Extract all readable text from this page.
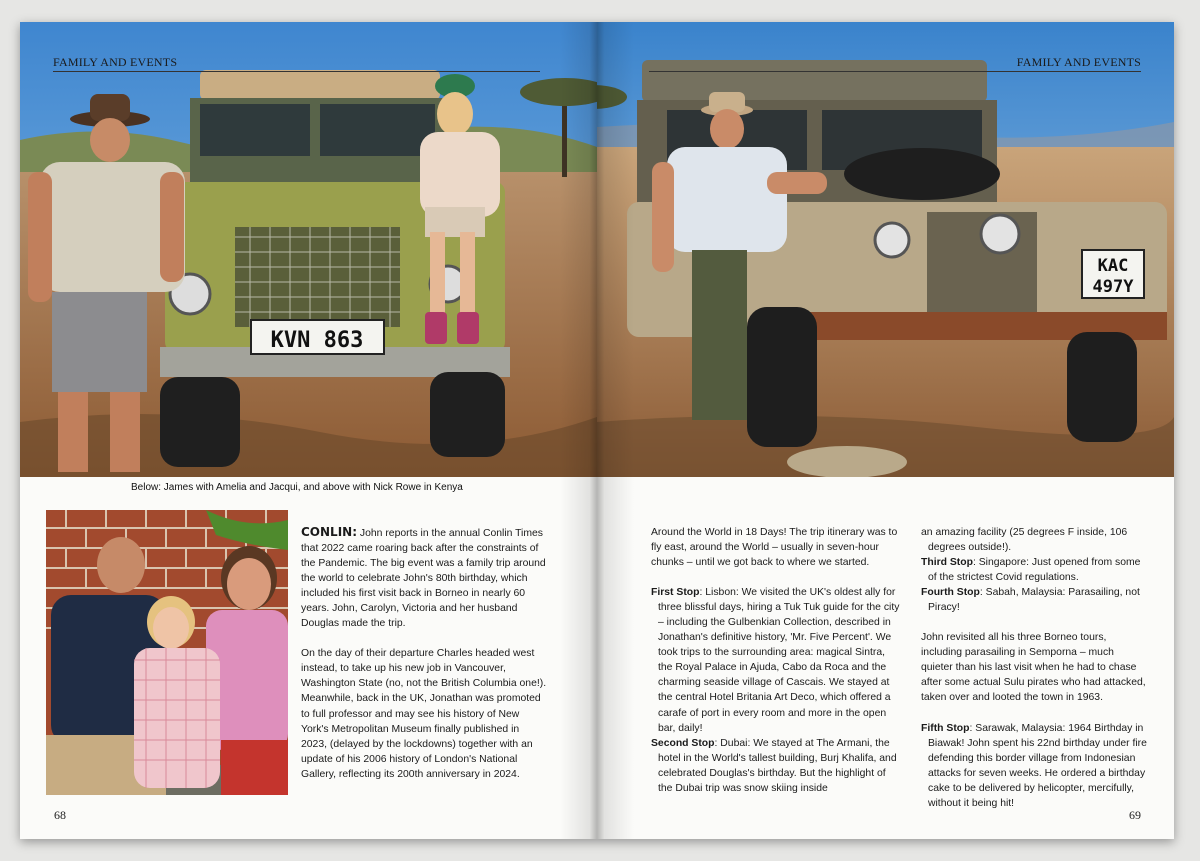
KVN 863
FAMILY AND EVENTS
Below: James with Amelia and Jacqui, and above with Nick Rowe in Kenya

CONLIN: John reports in the annual Conlin Times that 2022 came roaring back after the constraints of the Pandemic. The big event was a family trip around the world to celebrate John's 80th birthday, which included his first visit back in Borneo in nearly 60 years. John, Carolyn, Victoria and her husband Douglas made the trip.

On the day of their departure Charles headed west instead, to take up his new job in Vancouver, Washington State (no, not the British Columbia one!). Meanwhile, back in the UK, Jonathan was promoted to full professor and may see his history of New York's Metropolitan Museum finally published in 2023, (delayed by the lockdowns) together with an update of his 2006 history of London's National Gallery, reflecting its 200th anniversary in 2024.

68
KAC
497Y
FAMILY AND EVENTS

Around the World in 18 Days! The trip itinerary was to fly east, around the World – usually in seven-hour chunks – until we got back to where we started.

First Stop: Lisbon: We visited the UK's oldest ally for three blissful days, hiring a Tuk Tuk guide for the city – including the Gulbenkian Collection, described in Jonathan's definitive history, 'Mr. Five Percent'. We took trips to the surrounding area: magical Sintra, the Royal Palace in Ajuda, Cabo da Roca and the charming seaside village of Cascais. We stayed at the central Hotel Britania Art Deco, which offered a carafe of port in every room and more in the open bar, daily!

Second Stop: Dubai: We stayed at The Armani, the hotel in the World's tallest building, Burj Khalifa, and celebrated Douglas's birthday. But the highlight of the Dubai trip was snow skiing inside

an amazing facility (25 degrees F inside, 106 degrees outside!).

Third Stop: Singapore: Just opened from some of the strictest Covid regulations.

Fourth Stop: Sabah, Malaysia: Parasailing, not Piracy!

John revisited all his three Borneo tours, including parasailing in Semporna – much quieter than his last visit when he had to chase after some actual Sulu pirates who had attacked, taken over and looted the town in 1963.

Fifth Stop: Sarawak, Malaysia: 1964 Birthday in Biawak! John spent his 22nd birthday under fire defending this border village from Indonesian attacks for seven weeks. He ordered a birthday cake to be delivered by helicopter, mercifully, without it being hit!

69
